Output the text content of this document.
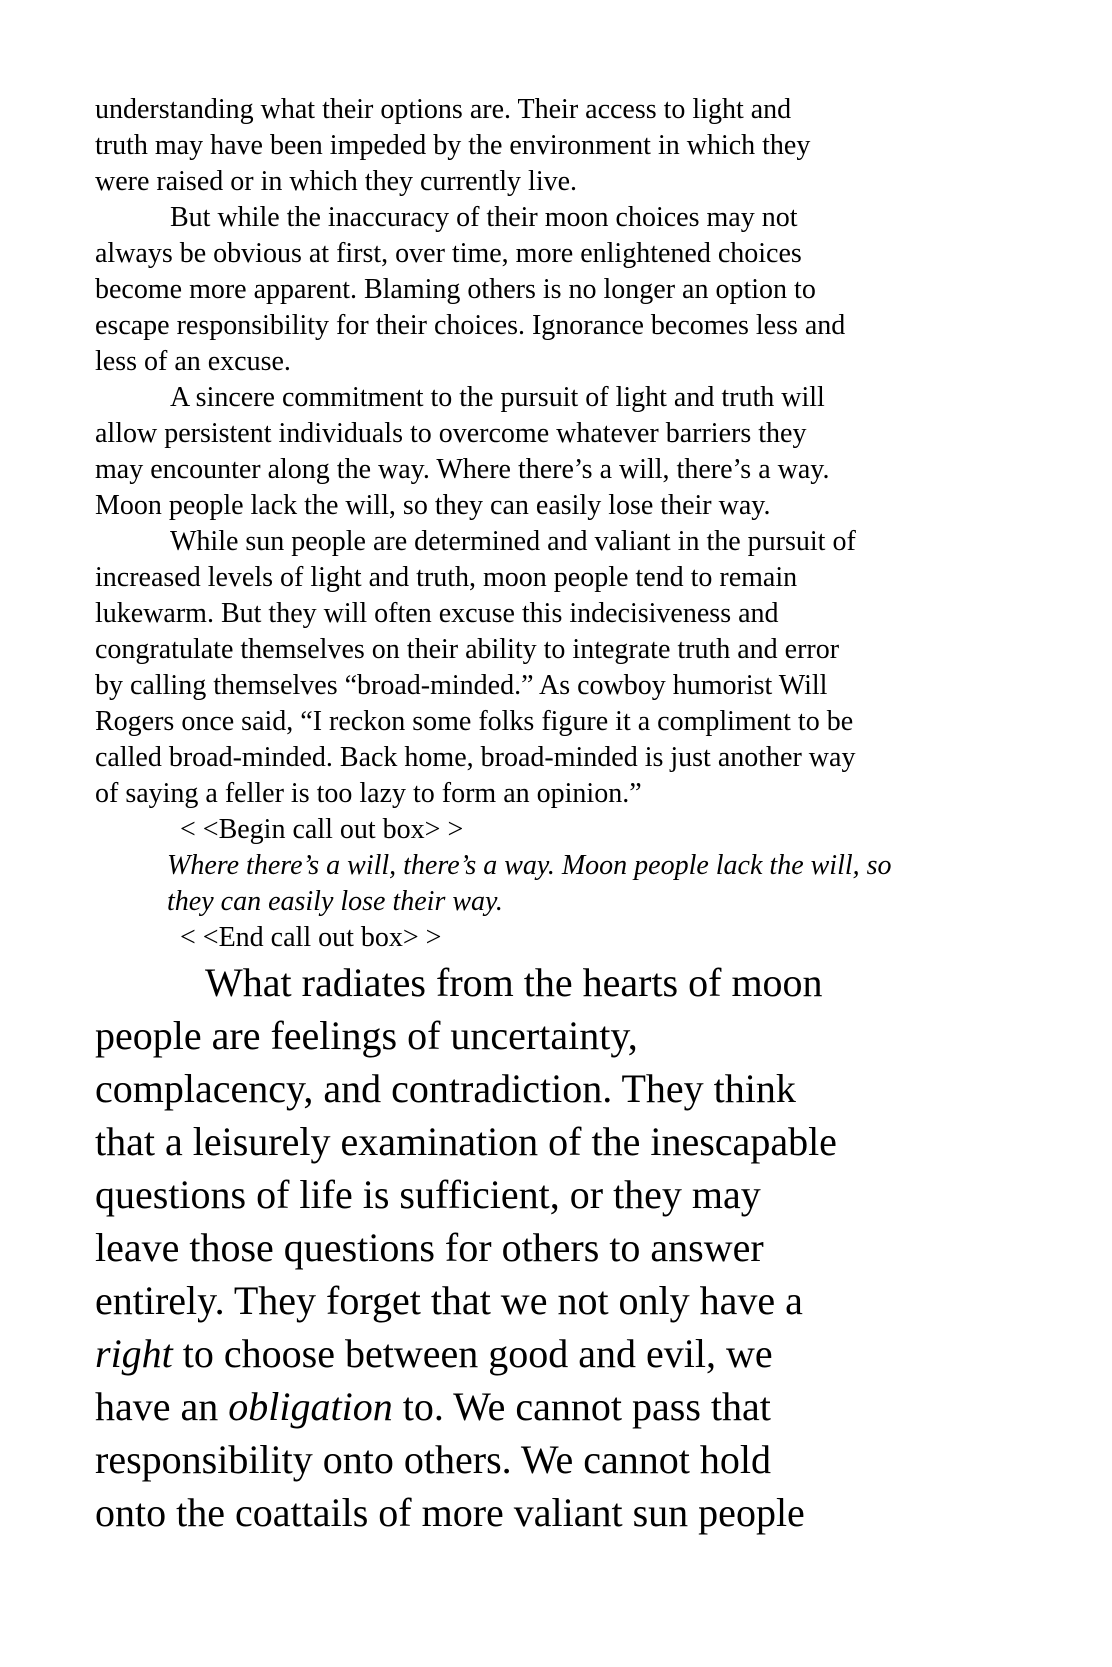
understanding what their options are. Their access to light and
truth may have been impeded by the environment in which they
were raised or in which they currently live.
But while the inaccuracy of their moon choices may not
always be obvious at first, over time, more enlightened choices
become more apparent. Blaming others is no longer an option to
escape responsibility for their choices. Ignorance becomes less and
less of an excuse.
A sincere commitment to the pursuit of light and truth will
allow persistent individuals to overcome whatever barriers they
may encounter along the way. Where there’s a will, there’s a way.
Moon people lack the will, so they can easily lose their way.
While sun people are determined and valiant in the pursuit of
increased levels of light and truth, moon people tend to remain
lukewarm. But they will often excuse this indecisiveness and
congratulate themselves on their ability to integrate truth and error
by calling themselves “broad-minded.” As cowboy humorist Will
Rogers once said, “I reckon some folks figure it a compliment to be
called broad-minded. Back home, broad-minded is just another way
of saying a feller is too lazy to form an opinion.”
< <Begin call out box> >
Where there’s a will, there’s a way. Moon people lack the will, so
they can easily lose their way.
< <End call out box> >
What radiates from the hearts of moon
people are feelings of uncertainty,
complacency, and contradiction. They think
that a leisurely examination of the inescapable
questions of life is sufficient, or they may
leave those questions for others to answer
entirely. They forget that we not only have a
right to choose between good and evil, we
have an obligation to. We cannot pass that
responsibility onto others. We cannot hold
onto the coattails of more valiant sun people
